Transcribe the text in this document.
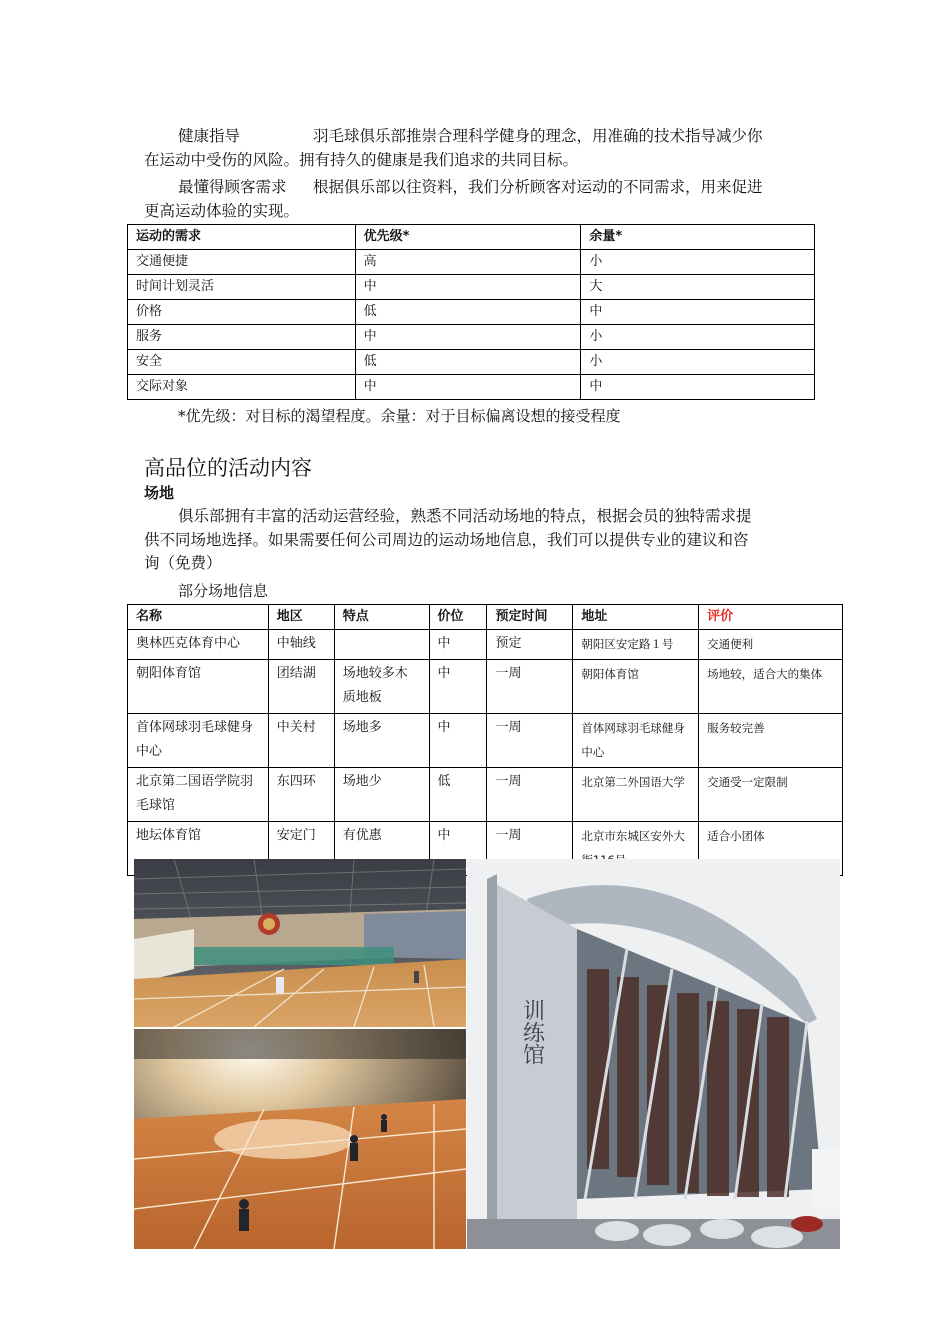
健康指导	羽毛球俱乐部推崇合理科学健身的理念，用准确的技术指导减少你
在运动中受伤的风险。拥有持久的健康是我们追求的共同目标。

最懂得顾客需求 根据俱乐部以往资料，我们分析顾客对运动的不同需求，用来促进
更高运动体验的实现。

运动的需求	优先级*	余量*
交通便捷	高	小
时间计划灵活	中	大
价格	低	中
服务	中	小
安全	低	小
交际对象	中	中

*优先级：对目标的渴望程度。余量：对于目标偏离设想的接受程度

高品位的活动内容
场地

俱乐部拥有丰富的活动运营经验，熟悉不同活动场地的特点，根据会员的独特需求提
供不同场地选择。如果需要任何公司周边的运动场地信息，我们可以提供专业的建议和咨
询（免费）

部分场地信息

名称	地区	特点	价位	预定时间	地址	评价
奥林匹克体育中心	中轴线		中	预定	朝阳区安定路１号	交通便利
朝阳体育馆	团结湖	场地较多木质地板	中	一周	朝阳体育馆	场地较，适合大的集体
首体网球羽毛球健身中心	中关村	场地多	中	一周	首体网球羽毛球健身中心	服务较完善
北京第二国语学院羽毛球馆	东四环	场地少	低	一周	北京第二外国语大学	交通受一定限制
地坛体育馆	安定门	有优惠	中	一周	北京市东城区安外大	适合小团体
训练馆
